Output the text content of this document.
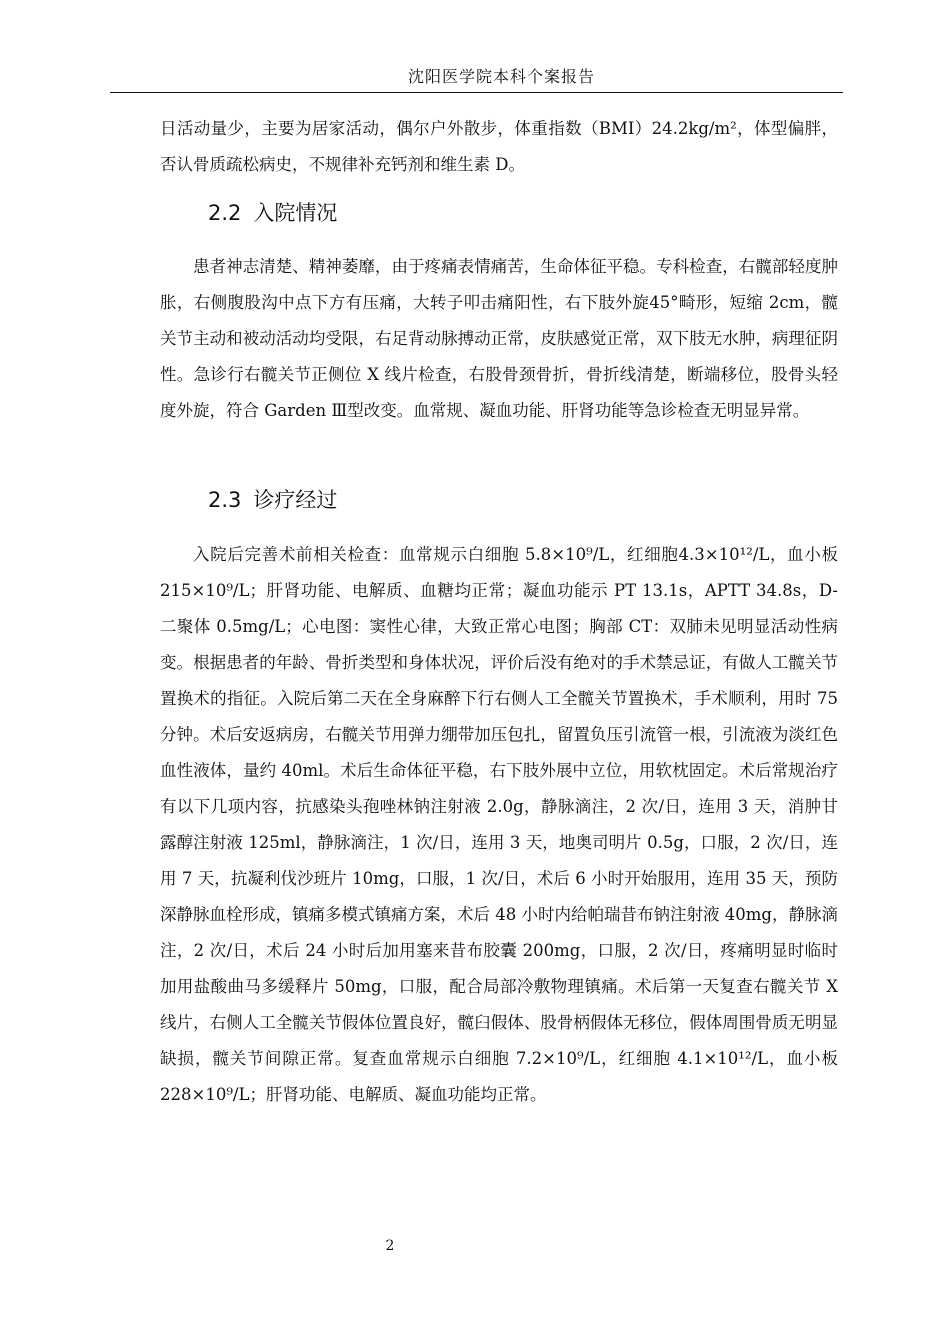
沈阳医学院本科个案报告

日活动量少，主要为居家活动，偶尔户外散步，体重指数（BMI）24.2kg/m²，体型偏胖，否认骨质疏松病史，不规律补充钙剂和维生素 D。

2.2 入院情况

患者神志清楚、精神萎靡，由于疼痛表情痛苦，生命体征平稳。专科检查，右髋部轻度肿胀，右侧腹股沟中点下方有压痛，大转子叩击痛阳性，右下肢外旋45°畸形，短缩 2cm，髋关节主动和被动活动均受限，右足背动脉搏动正常，皮肤感觉正常，双下肢无水肿，病理征阴性。急诊行右髋关节正侧位 X 线片检查，右股骨颈骨折，骨折线清楚，断端移位，股骨头轻度外旋，符合 Garden Ⅲ型改变。血常规、凝血功能、肝肾功能等急诊检查无明显异常。

2.3 诊疗经过

入院后完善术前相关检查：血常规示白细胞 5.8×10⁹/L，红细胞4.3×10¹²/L，血小板 215×10⁹/L；肝肾功能、电解质、血糖均正常；凝血功能示 PT 13.1s，APTT 34.8s，D-二聚体 0.5mg/L；心电图：窦性心律，大致正常心电图；胸部 CT：双肺未见明显活动性病变。根据患者的年龄、骨折类型和身体状况，评价后没有绝对的手术禁忌证，有做人工髋关节置换术的指征。入院后第二天在全身麻醉下行右侧人工全髋关节置换术，手术顺利，用时 75 分钟。术后安返病房，右髋关节用弹力绷带加压包扎，留置负压引流管一根，引流液为淡红色血性液体，量约 40ml。术后生命体征平稳，右下肢外展中立位，用软枕固定。术后常规治疗有以下几项内容，抗感染头孢唑林钠注射液 2.0g，静脉滴注，2 次/日，连用 3 天，消肿甘露醇注射液 125ml，静脉滴注，1 次/日，连用 3 天，地奥司明片 0.5g，口服，2 次/日，连用 7 天，抗凝利伐沙班片 10mg，口服，1 次/日，术后 6 小时开始服用，连用 35 天，预防深静脉血栓形成，镇痛多模式镇痛方案，术后 48 小时内给帕瑞昔布钠注射液 40mg，静脉滴注，2 次/日，术后 24 小时后加用塞来昔布胶囊 200mg，口服，2 次/日，疼痛明显时临时加用盐酸曲马多缓释片 50mg，口服，配合局部冷敷物理镇痛。术后第一天复查右髋关节 X 线片，右侧人工全髋关节假体位置良好，髋臼假体、股骨柄假体无移位，假体周围骨质无明显缺损，髋关节间隙正常。复查血常规示白细胞 7.2×10⁹/L，红细胞 4.1×10¹²/L，血小板 228×10⁹/L；肝肾功能、电解质、凝血功能均正常。

2
